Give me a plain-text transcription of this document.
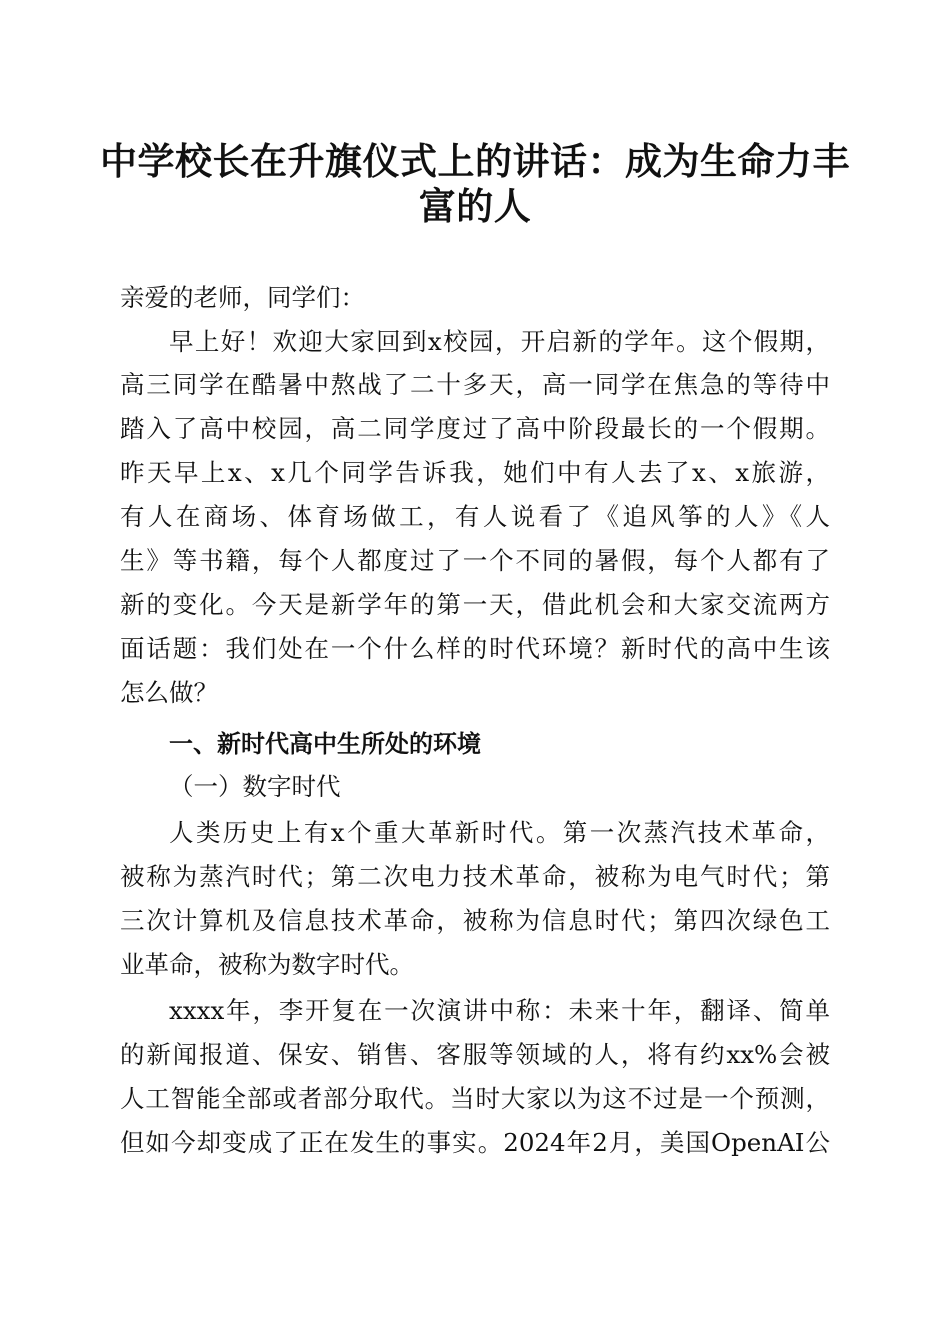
中学校长在升旗仪式上的讲话：成为生命力丰
富的人
亲爱的老师，同学们：
早上好！欢迎大家回到x校园，开启新的学年。这个假期，
高三同学在酷暑中熬战了二十多天，高一同学在焦急的等待中
踏入了高中校园，高二同学度过了高中阶段最长的一个假期。
昨天早上x、x几个同学告诉我，她们中有人去了x、x旅游，
有人在商场、体育场做工，有人说看了《追风筝的人》《人
生》等书籍，每个人都度过了一个不同的暑假，每个人都有了
新的变化。今天是新学年的第一天，借此机会和大家交流两方
面话题：我们处在一个什么样的时代环境？新时代的高中生该
怎么做？
一、新时代高中生所处的环境
（一）数字时代
人类历史上有x个重大革新时代。第一次蒸汽技术革命，
被称为蒸汽时代；第二次电力技术革命，被称为电气时代；第
三次计算机及信息技术革命，被称为信息时代；第四次绿色工
业革命，被称为数字时代。
xxxx年，李开复在一次演讲中称：未来十年，翻译、简单
的新闻报道、保安、销售、客服等领域的人，将有约xx%会被
人工智能全部或者部分取代。当时大家以为这不过是一个预测，
但如今却变成了正在发生的事实。2024年2月，美国OpenAI公
